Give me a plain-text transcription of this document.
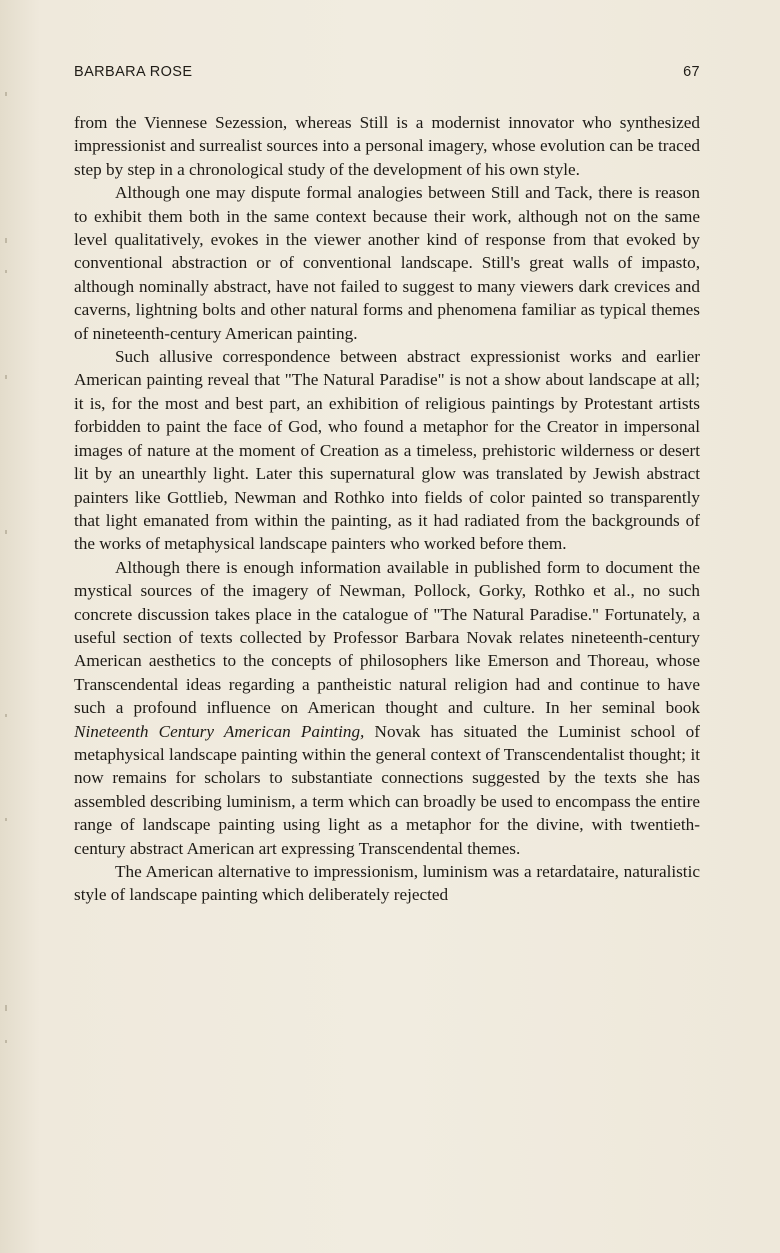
BARBARA ROSE	67

from the Viennese Sezession, whereas Still is a modernist innovator who synthesized impressionist and surrealist sources into a personal imagery, whose evolution can be traced step by step in a chronological study of the development of his own style.

Although one may dispute formal analogies between Still and Tack, there is reason to exhibit them both in the same context because their work, although not on the same level qualitatively, evokes in the viewer another kind of response from that evoked by conventional abstraction or of conventional landscape. Still's great walls of impasto, although nominally abstract, have not failed to suggest to many viewers dark crevices and caverns, lightning bolts and other natural forms and phenomena familiar as typical themes of nineteenth-century American painting.

Such allusive correspondence between abstract expressionist works and earlier American painting reveal that "The Natural Paradise" is not a show about landscape at all; it is, for the most and best part, an exhibition of religious paintings by Protestant artists forbidden to paint the face of God, who found a metaphor for the Creator in impersonal images of nature at the moment of Creation as a timeless, prehistoric wilderness or desert lit by an unearthly light. Later this supernatural glow was translated by Jewish abstract painters like Gottlieb, Newman and Rothko into fields of color painted so transparently that light emanated from within the painting, as it had radiated from the backgrounds of the works of metaphysical landscape painters who worked before them.

Although there is enough information available in published form to document the mystical sources of the imagery of Newman, Pollock, Gorky, Rothko et al., no such concrete discussion takes place in the catalogue of "The Natural Paradise." Fortunately, a useful section of texts collected by Professor Barbara Novak relates nineteenth-century American aesthetics to the concepts of philosophers like Emerson and Thoreau, whose Transcendental ideas regarding a pantheistic natural religion had and continue to have such a profound influence on American thought and culture. In her seminal book Nineteenth Century American Painting, Novak has situated the Luminist school of metaphysical landscape painting within the general context of Transcendentalist thought; it now remains for scholars to substantiate connections suggested by the texts she has assembled describing luminism, a term which can broadly be used to encompass the entire range of landscape painting using light as a metaphor for the divine, with twentieth-century abstract American art expressing Transcendental themes.

The American alternative to impressionism, luminism was a retardataire, naturalistic style of landscape painting which deliberately rejected
